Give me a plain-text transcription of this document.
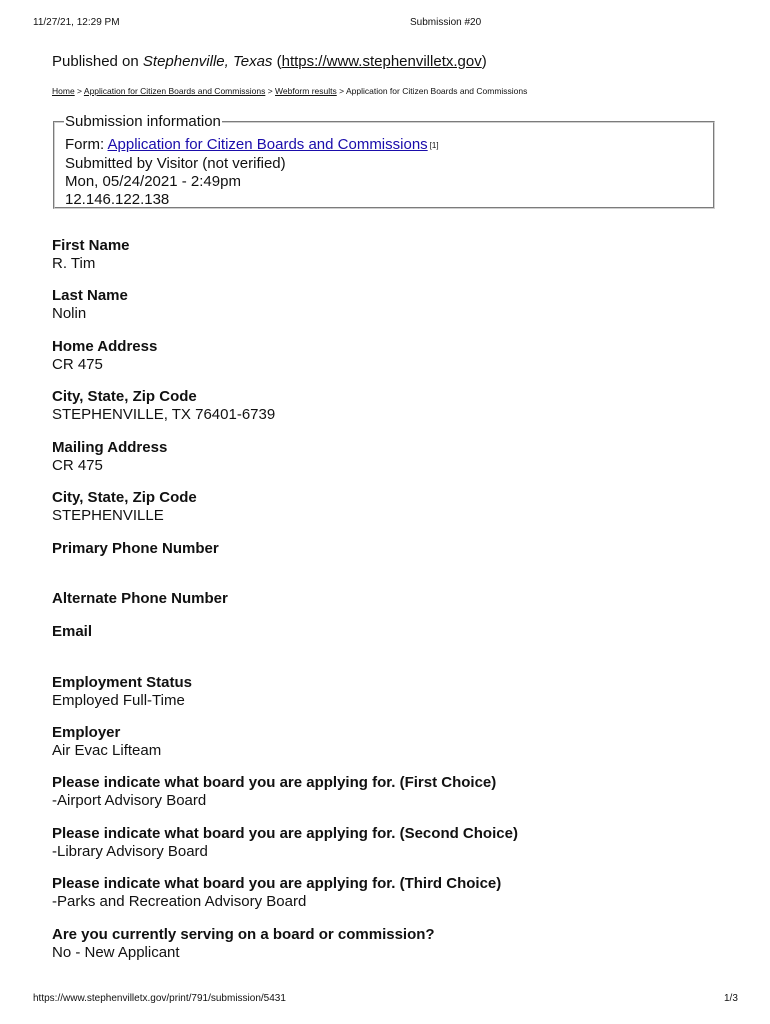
11/27/21, 12:29 PM	Submission #20
Published on Stephenville, Texas (https://www.stephenvilletx.gov)
Home > Application for Citizen Boards and Commissions > Webform results > Application for Citizen Boards and Commissions
Submission information
Form: Application for Citizen Boards and Commissions [1]
Submitted by Visitor (not verified)
Mon, 05/24/2021 - 2:49pm
12.146.122.138
First Name
R. Tim
Last Name
Nolin
Home Address
CR 475
City, State, Zip Code
STEPHENVILLE, TX 76401-6739
Mailing Address
CR 475
City, State, Zip Code
STEPHENVILLE
Primary Phone Number
Alternate Phone Number
Email
Employment Status
Employed Full-Time
Employer
Air Evac Lifteam
Please indicate what board you are applying for. (First Choice)
-Airport Advisory Board
Please indicate what board you are applying for. (Second Choice)
-Library Advisory Board
Please indicate what board you are applying for. (Third Choice)
-Parks and Recreation Advisory Board
Are you currently serving on a board or commission?
No - New Applicant
https://www.stephenvilletx.gov/print/791/submission/5431	1/3
